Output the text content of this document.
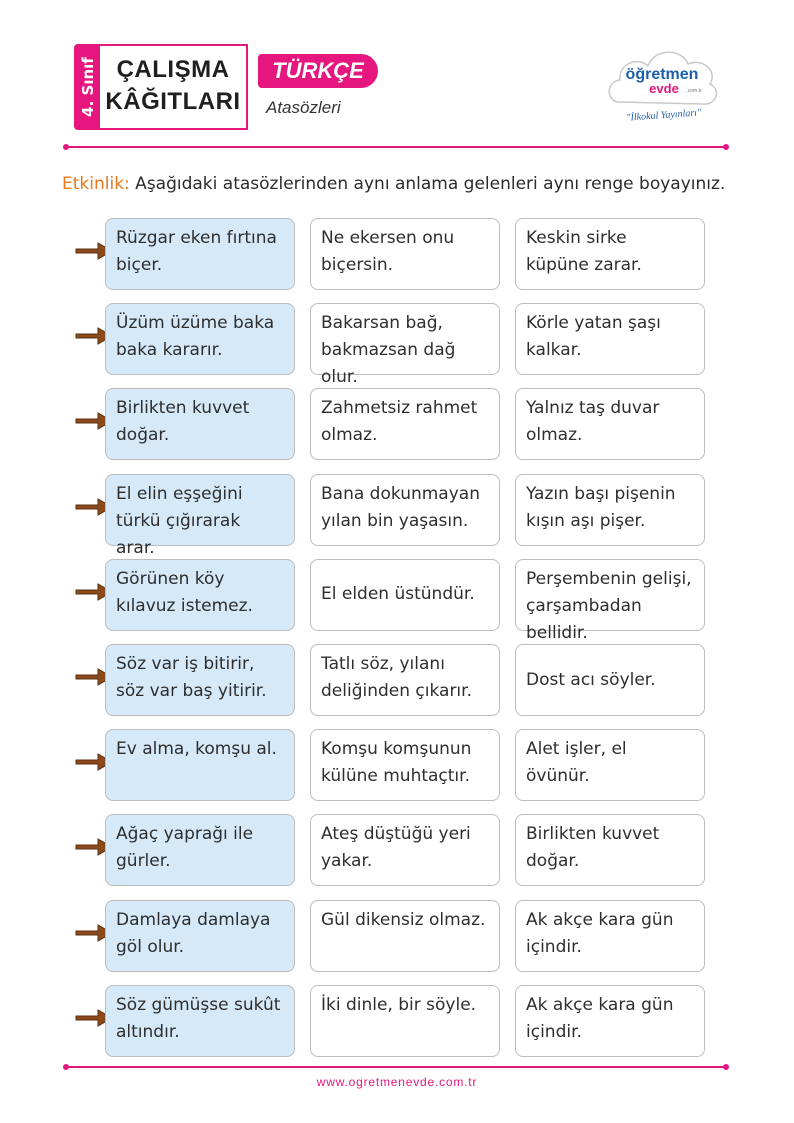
4. Sınıf ÇALIŞMA
KÂĞITLARI
TÜRKÇE
Atasözleri
öğretmen
evde .com.tr
"İlkokul Yayınları"
Etkinlik: Aşağıdaki atasözlerinden aynı anlama gelenleri aynı renge boyayınız.
Rüzgar eken fırtına biçer.
Ne ekersen onu biçersin.
Keskin sirke küpüne zarar.
Üzüm üzüme baka baka kararır.
Bakarsan bağ, bakmazsan dağ olur.
Körle yatan şaşı kalkar.
Birlikten kuvvet doğar.
Zahmetsiz rahmet olmaz.
Yalnız taş duvar olmaz.
El elin eşşeğini türkü çığırarak arar.
Bana dokunmayan yılan bin yaşasın.
Yazın başı pişenin kışın aşı pişer.
Görünen köy kılavuz istemez.
El elden üstündür.
Perşembenin gelişi, çarşambadan bellidir.
Söz var iş bitirir, söz var baş yitirir.
Tatlı söz, yılanı deliğinden çıkarır.
Dost acı söyler.
Ev alma, komşu al.	Komşu komşunun külüne muhtaçtır.
Alet işler, el övünür.
Ağaç yaprağı ile gürler.
Ateş düştüğü yeri yakar.
Birlikten kuvvet doğar.
Damlaya damlaya göl olur.
Gül dikensiz olmaz. Ak akçe kara gün içindir.
Söz gümüşse sukût altındır.
İki dinle, bir söyle.	Ak akçe kara gün içindir.
www.ogretmenevde.com.tr
